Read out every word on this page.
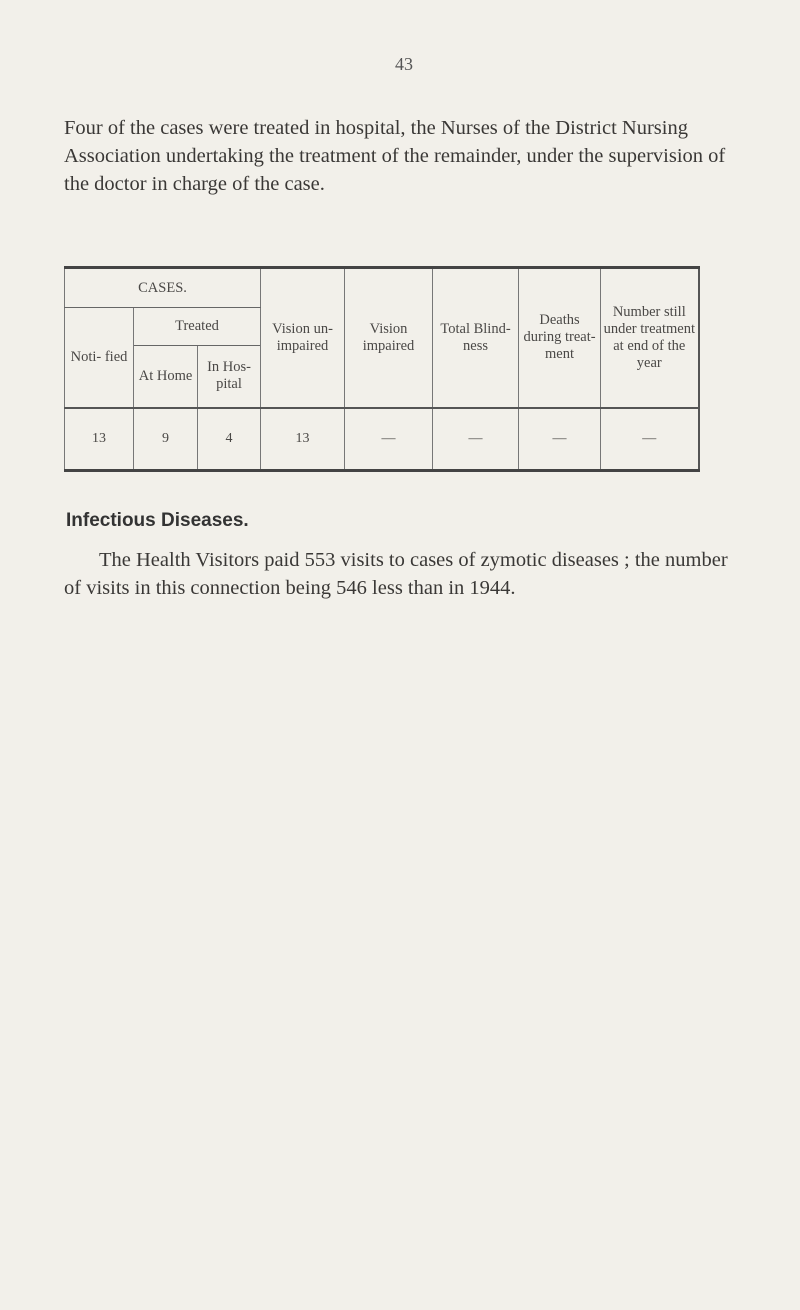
43

Four of the cases were treated in hospital, the Nurses of the District Nursing Association undertaking the treatment of the remainder, under the supervision of the doctor in charge of the case.

CASES.			Vision un- impaired	Vision impaired	Total Blind- ness	Deaths during treat- ment	Number still under treatment at end of the year
Noti- fied	Treated						
	At Home	In Hos- pital					
13	9	4	13	—	—	—	—
Infectious Diseases.

The Health Visitors paid 553 visits to cases of zymotic diseases ; the number of visits in this connection being 546 less than in 1944.
